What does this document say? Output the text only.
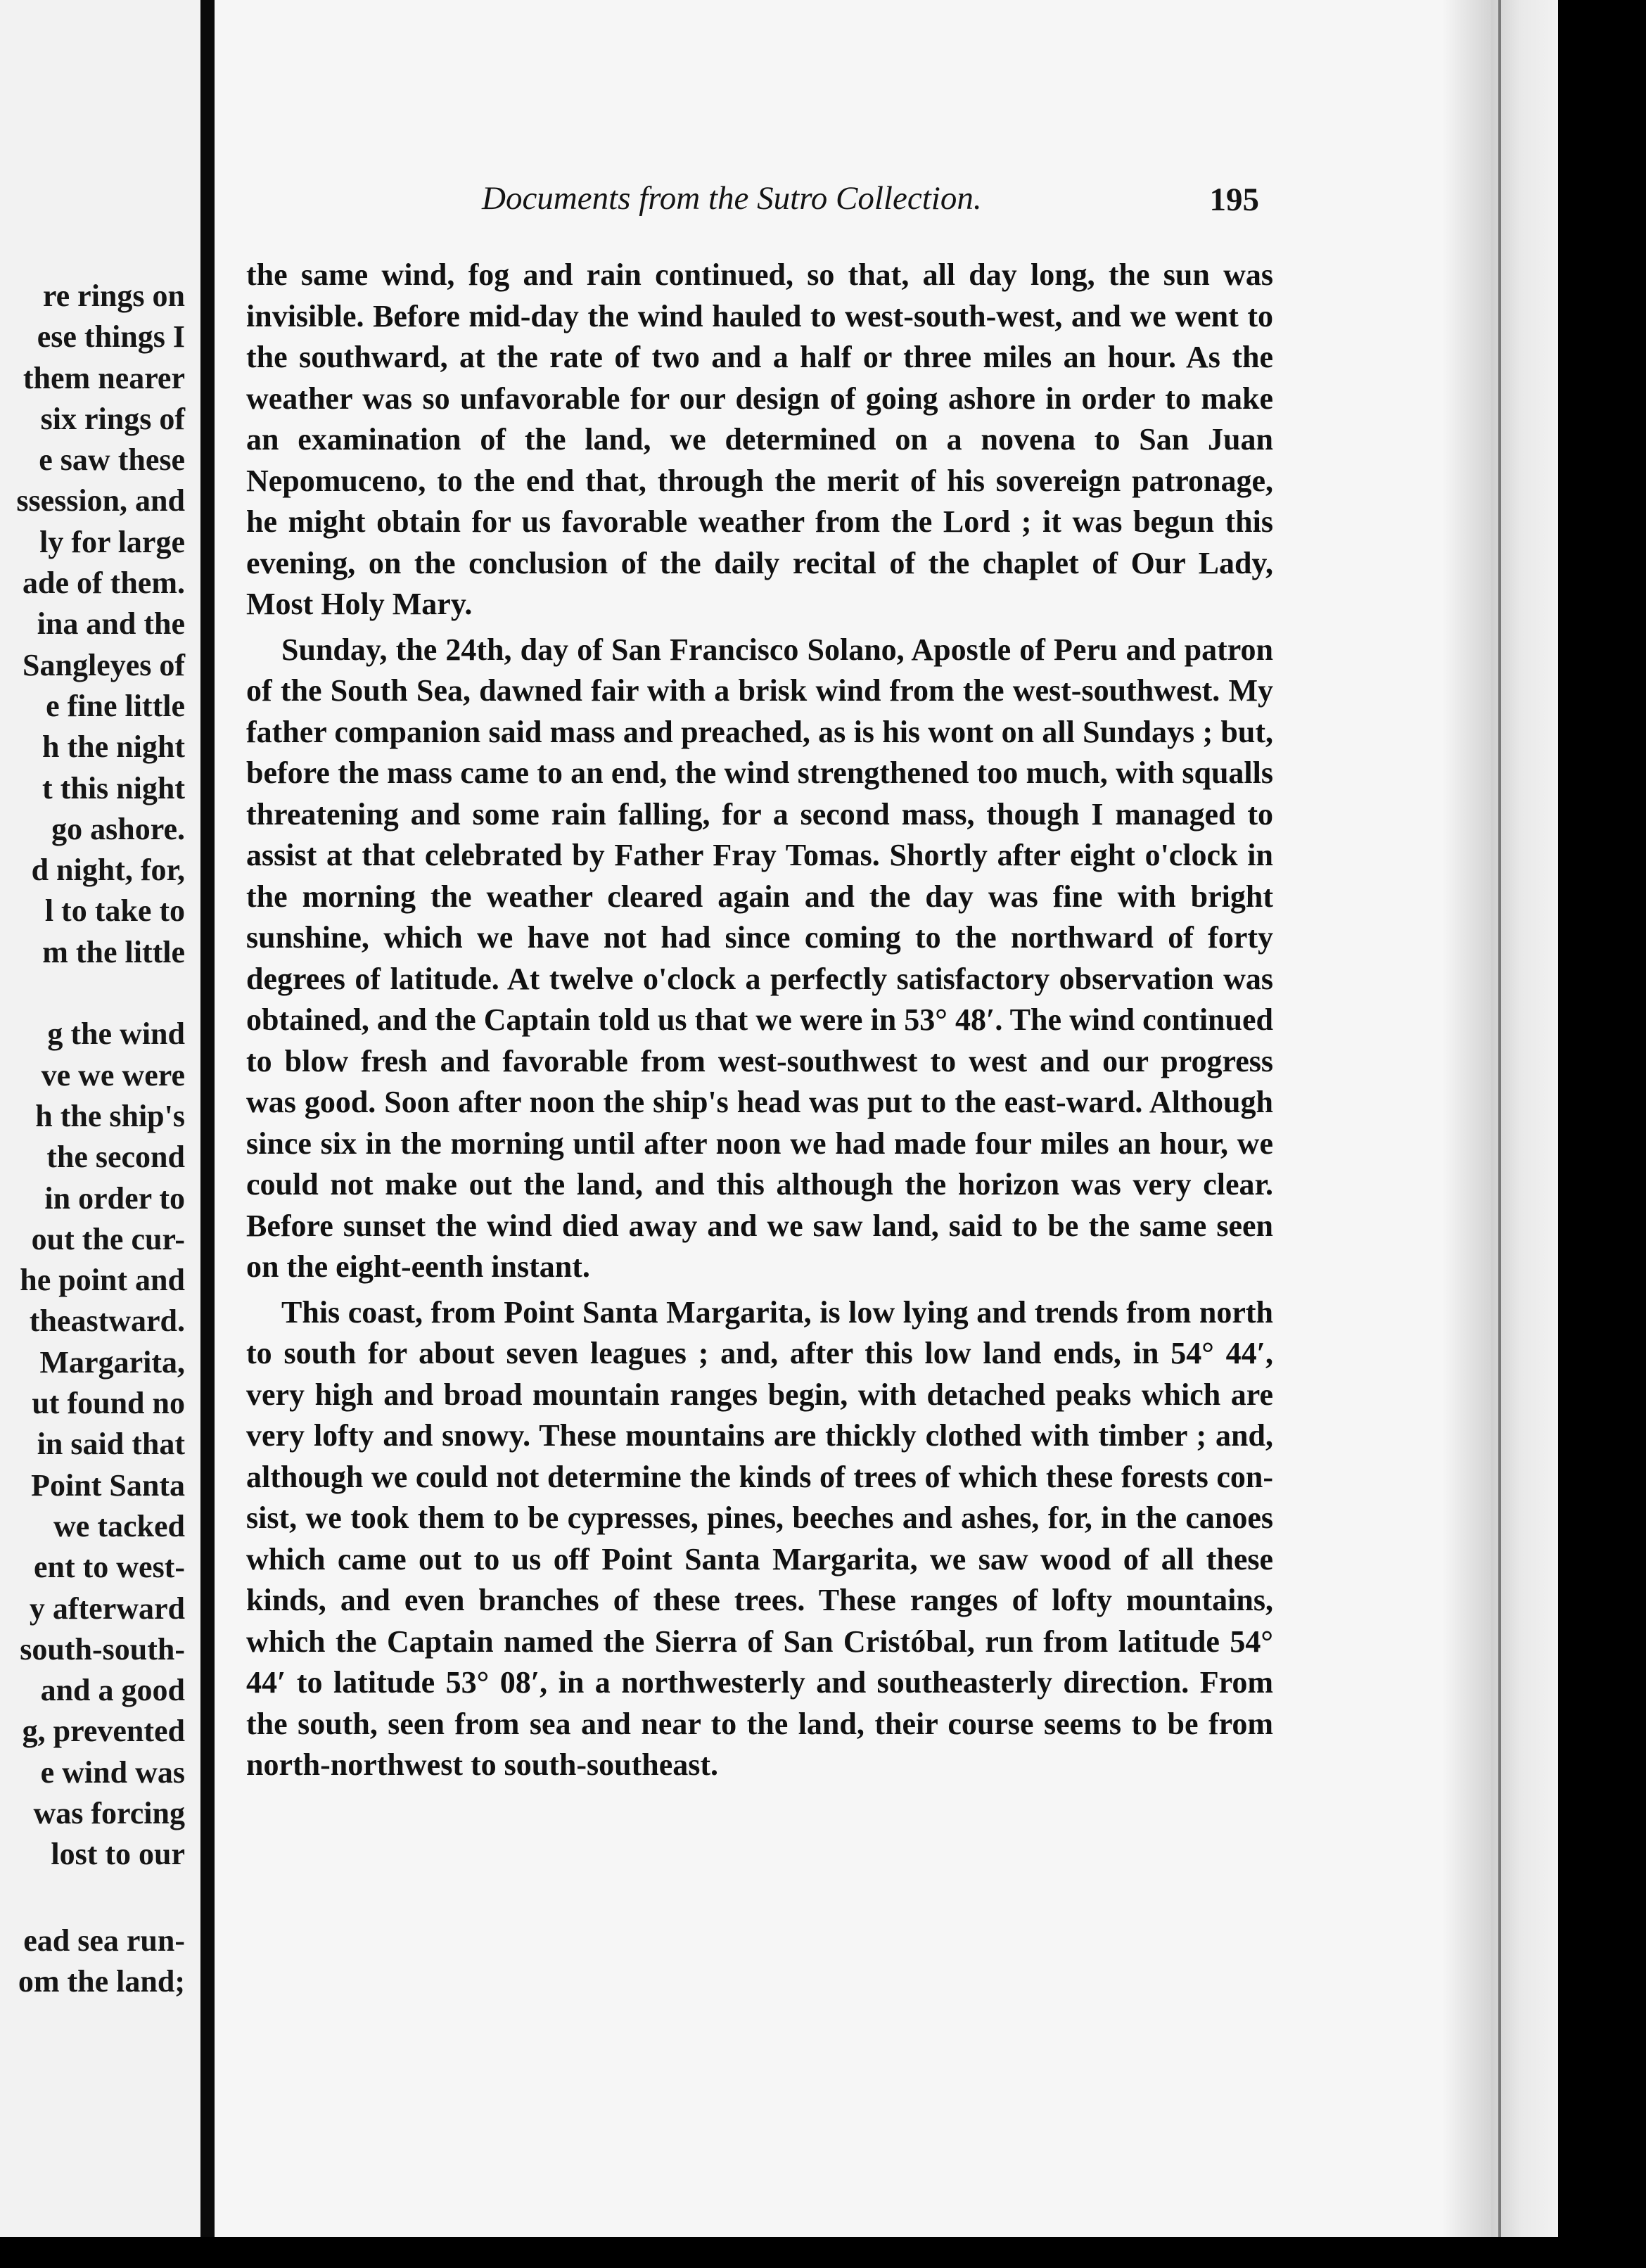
re rings on
ese things I
them nearer
six rings of
e saw these
ssession, and
ly for large
ade of them.
ina and the
Sangleyes of
e fine little
h the night
t this night
go ashore.
d night, for,
l to take to
m the little
g the wind
ve we were
h the ship's
the second
in order to
out the cur-
he point and
theastward.
Margarita,
ut found no
in said that
Point Santa
we tacked
ent to west-
y afterward
south-south-
and a good
g, prevented
e wind was
was forcing
lost to our
ead sea run-
om the land;
Documents from the Sutro Collection.	195

the same wind, fog and rain continued, so that, all day long, the sun was invisible. Before mid-day the wind hauled to west-south-west, and we went to the southward, at the rate of two and a half or three miles an hour. As the weather was so unfavorable for our design of going ashore in order to make an examination of the land, we determined on a novena to San Juan Nepomuceno, to the end that, through the merit of his sovereign patronage, he might obtain for us favorable weather from the Lord ; it was begun this evening, on the conclusion of the daily recital of the chaplet of Our Lady, Most Holy Mary.

Sunday, the 24th, day of San Francisco Solano, Apostle of Peru and patron of the South Sea, dawned fair with a brisk wind from the west-southwest. My father companion said mass and preached, as is his wont on all Sundays ; but, before the mass came to an end, the wind strengthened too much, with squalls threatening and some rain falling, for a second mass, though I managed to assist at that celebrated by Father Fray Tomas. Shortly after eight o'clock in the morning the weather cleared again and the day was fine with bright sunshine, which we have not had since coming to the northward of forty degrees of latitude. At twelve o'clock a perfectly satisfactory observation was obtained, and the Captain told us that we were in 53° 48′. The wind continued to blow fresh and favorable from west-southwest to west and our progress was good. Soon after noon the ship's head was put to the east-ward. Although since six in the morning until after noon we had made four miles an hour, we could not make out the land, and this although the horizon was very clear. Before sunset the wind died away and we saw land, said to be the same seen on the eight-eenth instant.

This coast, from Point Santa Margarita, is low lying and trends from north to south for about seven leagues ; and, after this low land ends, in 54° 44′, very high and broad mountain ranges begin, with detached peaks which are very lofty and snowy. These mountains are thickly clothed with timber ; and, although we could not determine the kinds of trees of which these forests con-sist, we took them to be cypresses, pines, beeches and ashes, for, in the canoes which came out to us off Point Santa Margarita, we saw wood of all these kinds, and even branches of these trees. These ranges of lofty mountains, which the Captain named the Sierra of San Cristóbal, run from latitude 54° 44′ to latitude 53° 08′, in a northwesterly and southeasterly direction. From the south, seen from sea and near to the land, their course seems to be from north-northwest to south-southeast.
